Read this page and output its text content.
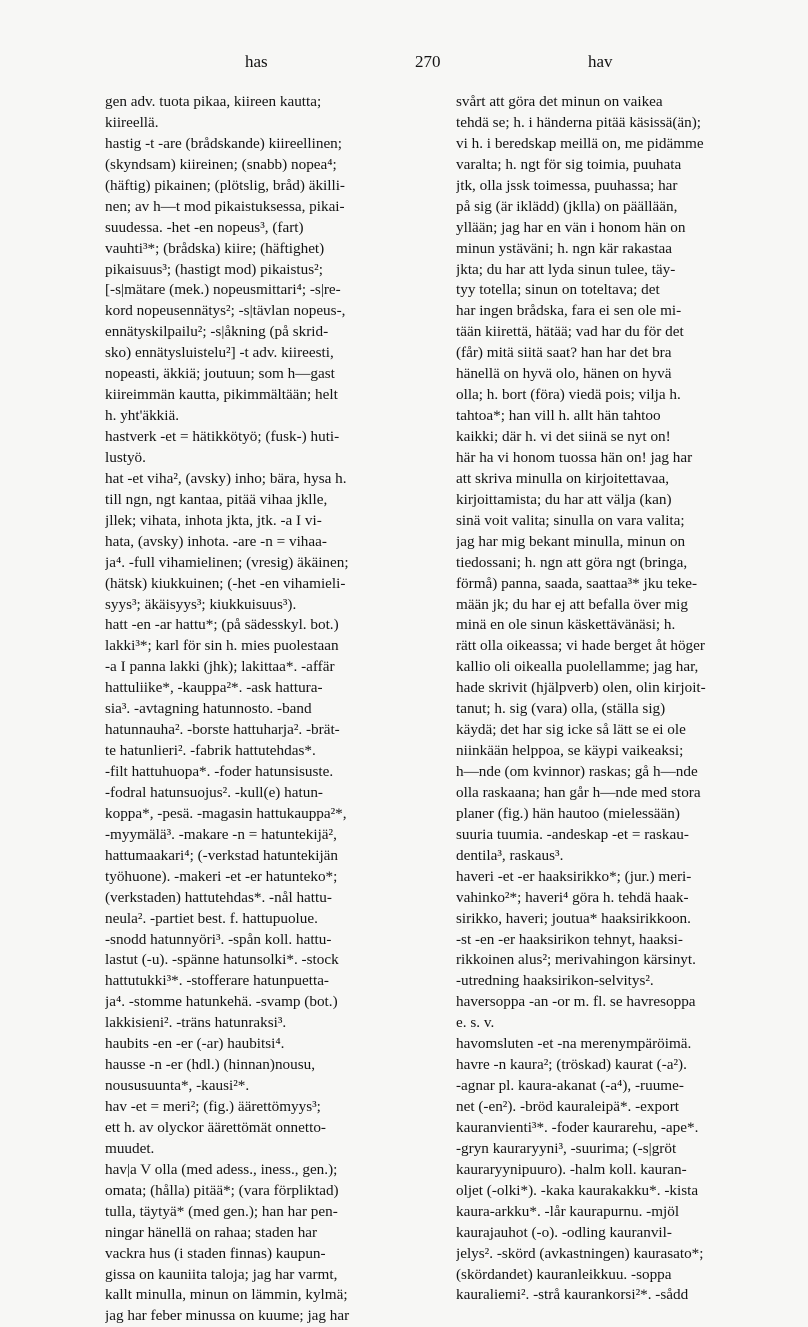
has	270	hav
gen adv. tuota pikaa, kiireen kautta;
kiireellä.
hastig -t -are (brådskande) kiireellinen;
(skyndsam) kiireinen; (snabb) nopea⁴;
(häftig) pikainen; (plötslig, bråd) äkilli-
nen; av h—t mod pikaistuksessa, pikai-
suudessa. -het -en nopeus³, (fart)
vauhti³*; (brådska) kiire; (häftighet)
pikaisuus³; (hastigt mod) pikaistus²;
[-s|mätare (mek.) nopeusmittari⁴; -s|re-
kord nopeusennätys²; -s|tävlan nopeus-,
ennätyskilpailu²; -s|åkning (på skrid-
sko) ennätysluistelu²] -t adv. kiireesti,
nopeasti, äkkiä; joutuun; som h—gast
kiireimmän kautta, pikimmältään; helt
h. yht'äkkiä.
hastverk -et = hätikkötyö; (fusk-) huti-
lustyö.
hat -et viha², (avsky) inho; bära, hysa h.
till ngn, ngt kantaa, pitää vihaa jklle,
jllek; vihata, inhota jkta, jtk. -a I vi-
hata, (avsky) inhota. -are -n = vihaa-
ja⁴. -full vihamielinen; (vresig) äkäinen;
(hätsk) kiukkuinen; (-het -en vihamieli-
syys³; äkäisyys³; kiukkuisuus³).
hatt -en -ar hattu*; (på sädesskyl. bot.)
lakki³*; karl för sin h. mies puolestaan
-a I panna lakki (jhk); lakittaa*. -affär
hattuliike*, -kauppa²*. -ask hattura-
sia³. -avtagning hatunnosto. -band
hatunnauha². -borste hattuharja². -brät-
te hatunlieri². -fabrik hattutehdas*.
-filt hattuhuopa*. -foder hatunsisuste.
-fodral hatunsuojus². -kull(e) hatun-
koppa*, -pesä. -magasin hattukauppa²*,
-myymälä³. -makare -n = hatuntekijä²,
hattumaakari⁴; (-verkstad hatuntekijän
työhuone). -makeri -et -er hatunteko*;
(verkstaden) hattutehdas*. -nål hattu-
neula². -partiet best. f. hattupuolue.
-snodd hatunnyöri³. -spån koll. hattu-
lastut (-u). -spänne hatunsolki*. -stock
hattutukki³*. -stofferare hatunpuetta-
ja⁴. -stomme hatunkehä. -svamp (bot.)
lakkisieni². -träns hatunraksi³.
haubits -en -er (-ar) haubitsi⁴.
hausse -n -er (hdl.) (hinnan)nousu,
noususuunta*, -kausi²*.
hav -et = meri²; (fig.) äärettömyys³;
ett h. av olyckor äärettömät onnetto-
muudet.
hav|a V olla (med adess., iness., gen.);
omata; (hålla) pitää*; (vara förpliktad)
tulla, täytyä* (med gen.); han har pen-
ningar hänellä on rahaa; staden har
vackra hus (i staden finnas) kaupun-
gissa on kauniita taloja; jag har varmt,
kallt minulla, minun on lämmin, kylmä;
jag har feber minussa on kuume; jag har
svårt att göra det minun on vaikea
tehdä se; h. i händerna pitää käsissä(än);
vi h. i beredskap meillä on, me pidämme
varalta; h. ngt för sig toimia, puuhata
jtk, olla jssk toimessa, puuhassa; har
på sig (är iklädd) (jklla) on päällään,
yllään; jag har en vän i honom hän on
minun ystäväni; h. ngn kär rakastaa
jkta; du har att lyda sinun tulee, täy-
tyy totella; sinun on toteltava; det
har ingen brådska, fara ei sen ole mi-
tään kiirettä, hätää; vad har du för det
(får) mitä siitä saat? han har det bra
hänellä on hyvä olo, hänen on hyvä
olla; h. bort (föra) viedä pois; vilja h.
tahtoa*; han vill h. allt hän tahtoo
kaikki; där h. vi det siinä se nyt on!
här ha vi honom tuossa hän on! jag har
att skriva minulla on kirjoitettavaa,
kirjoittamista; du har att välja (kan)
sinä voit valita; sinulla on vara valita;
jag har mig bekant minulla, minun on
tiedossani; h. ngn att göra ngt (bringa,
förmå) panna, saada, saattaa³* jku teke-
mään jk; du har ej att befalla över mig
minä en ole sinun käskettävänäsi; h.
rätt olla oikeassa; vi hade berget åt höger
kallio oli oikealla puolellamme; jag har,
hade skrivit (hjälpverb) olen, olin kirjoit-
tanut; h. sig (vara) olla, (ställa sig)
käydä; det har sig icke så lätt se ei ole
niinkään helppoa, se käypi vaikeaksi;
h—nde (om kvinnor) raskas; gå h—nde
olla raskaana; han går h—nde med stora
planer (fig.) hän hautoo (mielessään)
suuria tuumia. -andeskap -et = raskau-
dentila³, raskaus³.
haveri -et -er haaksirikko*; (jur.) meri-
vahinko²*; haveri⁴ göra h. tehdä haak-
sirikko, haveri; joutua* haaksirikkoon.
-st -en -er haaksirikon tehnyt, haaksi-
rikkoinen alus²; merivahingon kärsinyt.
-utredning haaksirikon-selvitys².
haversoppa -an -or m. fl. se havresoppa
e. s. v.
havomsluten -et -na merenympäröimä.
havre -n kaura²; (tröskad) kaurat (-a²).
-agnar pl. kaura-akanat (-a⁴), -ruume-
net (-en²). -bröd kauraleipä*. -export
kauranvienti³*. -foder kaurarehu, -ape*.
-gryn kauraryyni³, -suurima; (-s|gröt
kauraryynipuuro). -halm koll. kauran-
oljet (-olki*). -kaka kaurakakku*. -kista
kaura-arkku*. -lår kaurapurnu. -mjöl
kaurajauhot (-o). -odling kauranvil-
jelys². -skörd (avkastningen) kaurasato*;
(skördandet) kauranleikkuu. -soppa
kauraliemi². -strå kaurankorsi²*. -sådd
